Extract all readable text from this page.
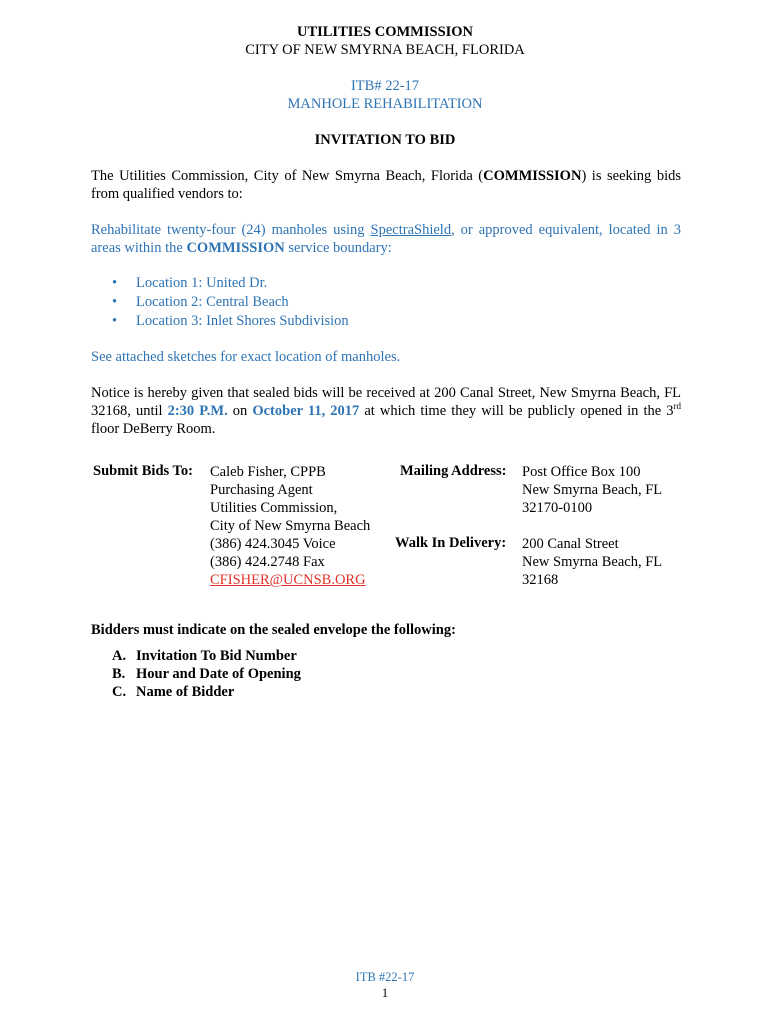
UTILITIES COMMISSION
CITY OF NEW SMYRNA BEACH, FLORIDA
ITB# 22-17
MANHOLE REHABILITATION
INVITATION TO BID
The Utilities Commission, City of New Smyrna Beach, Florida (COMMISSION) is seeking bids from qualified vendors to:
Rehabilitate twenty-four (24) manholes using SpectraShield, or approved equivalent, located in 3 areas within the COMMISSION service boundary:
• Location 1: United Dr.
• Location 2: Central Beach
• Location 3: Inlet Shores Subdivision
See attached sketches for exact location of manholes.
Notice is hereby given that sealed bids will be received at 200 Canal Street, New Smyrna Beach, FL 32168, until 2:30 P.M. on October 11, 2017 at which time they will be publicly opened in the 3rd floor DeBerry Room.
Submit Bids To: Caleb Fisher, CPPB
Purchasing Agent
Utilities Commission,
City of New Smyrna Beach
(386) 424.3045 Voice
(386) 424.2748 Fax
CFISHER@UCNSB.ORG
Mailing Address: Post Office Box 100
New Smyrna Beach, FL
32170-0100
Walk In Delivery: 200 Canal Street
New Smyrna Beach, FL
32168
Bidders must indicate on the sealed envelope the following:
A. Invitation To Bid Number
B. Hour and Date of Opening
C. Name of Bidder
ITB #22-17
1
